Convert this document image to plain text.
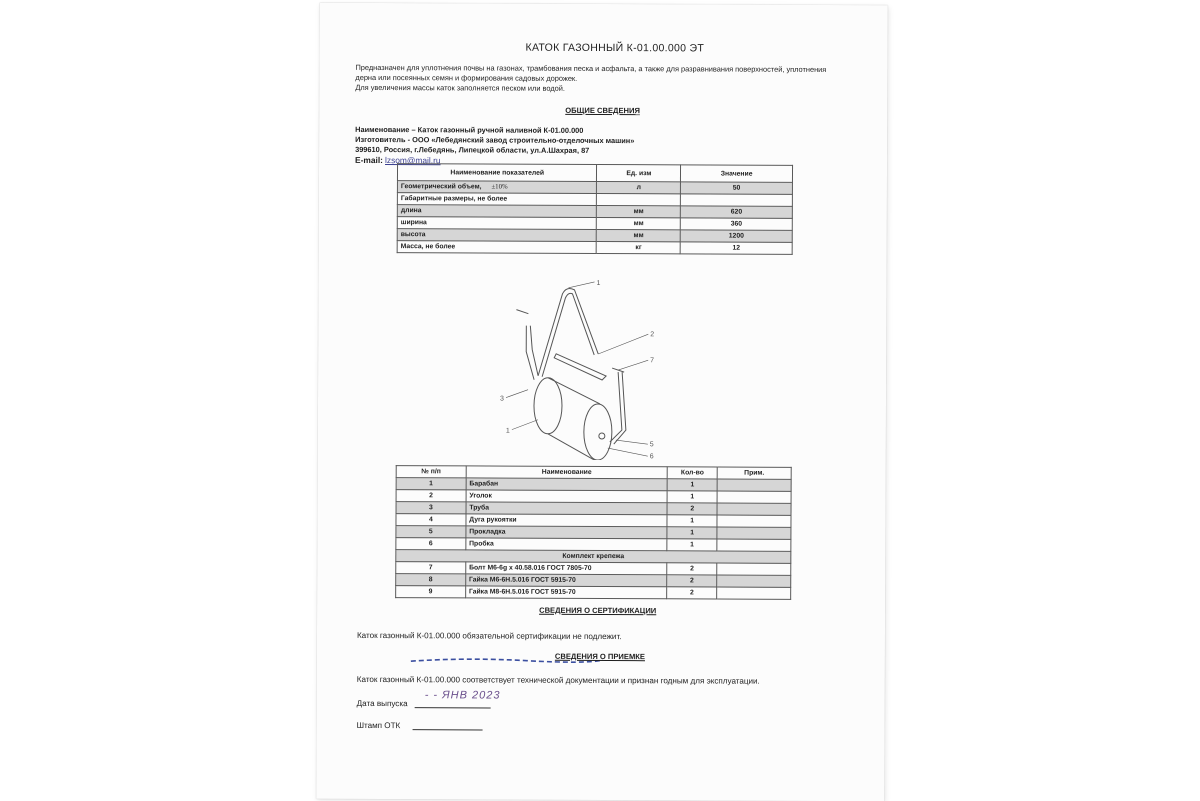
КАТОК ГАЗОННЫЙ К-01.00.000 ЭТ
Предназначен для уплотнения почвы на газонах, трамбования песка и асфальта, а также для разравнивания поверхностей, уплотнения
дерна или посеянных семян и формирования садовых дорожек.
Для увеличения массы каток заполняется песком или водой.
ОБЩИЕ СВЕДЕНИЯ
Наименование – Каток газонный ручной наливной К-01.00.000
Изготовитель - ООО «Лебедянский завод строительно-отделочных машин»
399610, Россия, г.Лебедянь, Липецкой области, ул.А.Шахрая, 87
E-mail: lzsom@mail.ru
Наименование показателей	Ед. изм	Значение
Геометрический объем, ±10%	л	50
Габаритные размеры, не более		
длина	мм	620
ширина	мм	360
высота	мм	1200
Масса, не более	кг	12
1
2
7
3
1
5
6
№ п/п	Наименование	Кол-во	Прим.
1	Барабан	1	
2	Уголок	1	
3	Труба	2	
4	Дуга рукоятки	1	
5	Прокладка	1	
6	Пробка	1	
Комплект крепежа			
7	Болт М6-6g x 40.58.016 ГОСТ 7805-70	2	
8	Гайка М6-6Н.5.016 ГОСТ 5915-70	2	
9	Гайка М8-6Н.5.016 ГОСТ 5915-70	2	
СВЕДЕНИЯ О СЕРТИФИКАЦИИ
Каток газонный К-01.00.000 обязательной сертификации не подлежит.
СВЕДЕНИЯ О ПРИЕМКЕ
Каток газонный К-01.00.000 соответствует технической документации и признан годным для эксплуатации.
Дата выпуска
- - ЯНВ 2023
Штамп ОТК
